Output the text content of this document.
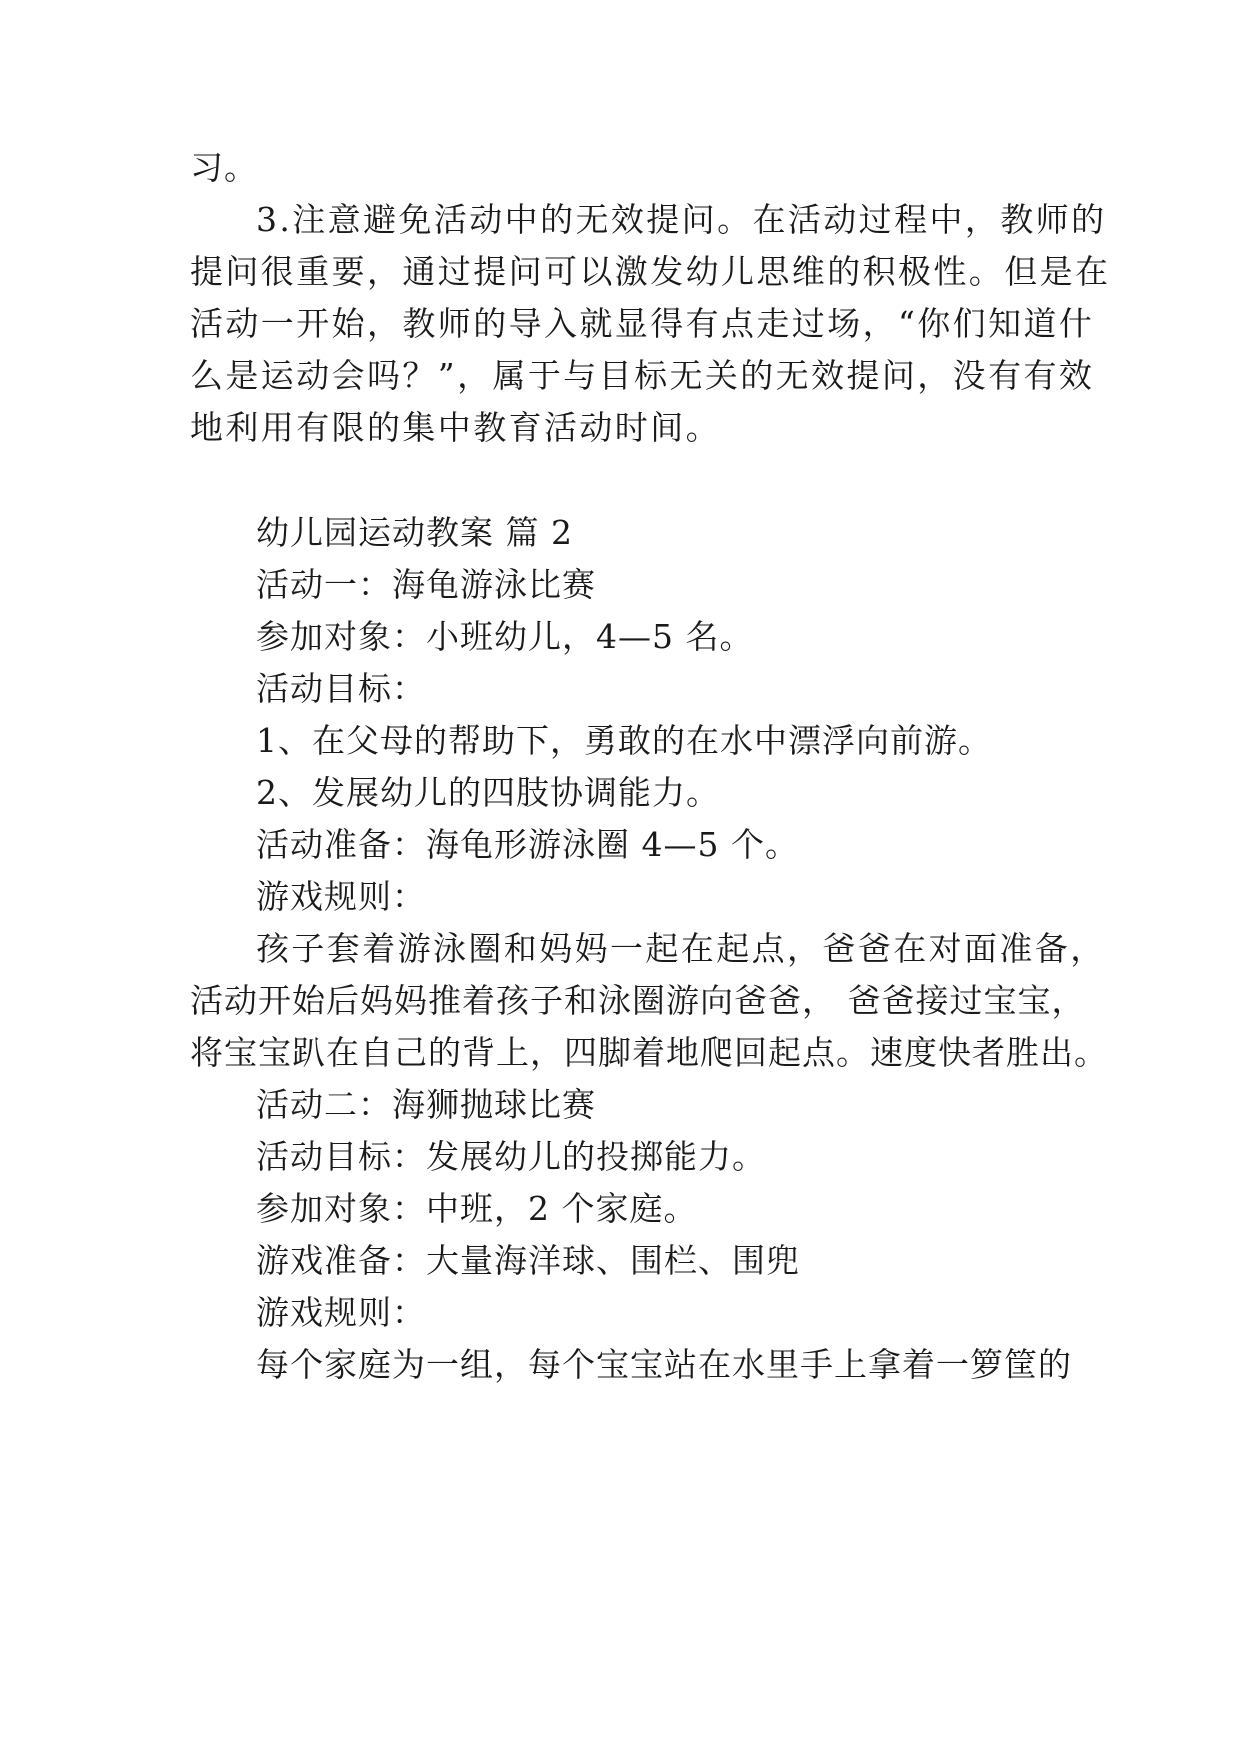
习。
3.注意避免活动中的无效提问。在活动过程中，教师的
提问很重要，通过提问可以激发幼儿思维的积极性。但是在
活动一开始，教师的导入就显得有点走过场，“你们知道什
么是运动会吗？”，属于与目标无关的无效提问，没有有效
地利用有限的集中教育活动时间。
幼儿园运动教案 篇 2
活动一：海龟游泳比赛
参加对象：小班幼儿，4—5 名。
活动目标：
1、在父母的帮助下，勇敢的在水中漂浮向前游。
2、发展幼儿的四肢协调能力。
活动准备：海龟形游泳圈 4—5 个。
游戏规则：
孩子套着游泳圈和妈妈一起在起点，爸爸在对面准备，
活动开始后妈妈推着孩子和泳圈游向爸爸， 爸爸接过宝宝，
将宝宝趴在自己的背上，四脚着地爬回起点。速度快者胜出。
活动二：海狮抛球比赛
活动目标：发展幼儿的投掷能力。
参加对象：中班，2 个家庭。
游戏准备：大量海洋球、围栏、围兜
游戏规则：
每个家庭为一组，每个宝宝站在水里手上拿着一箩筐的
